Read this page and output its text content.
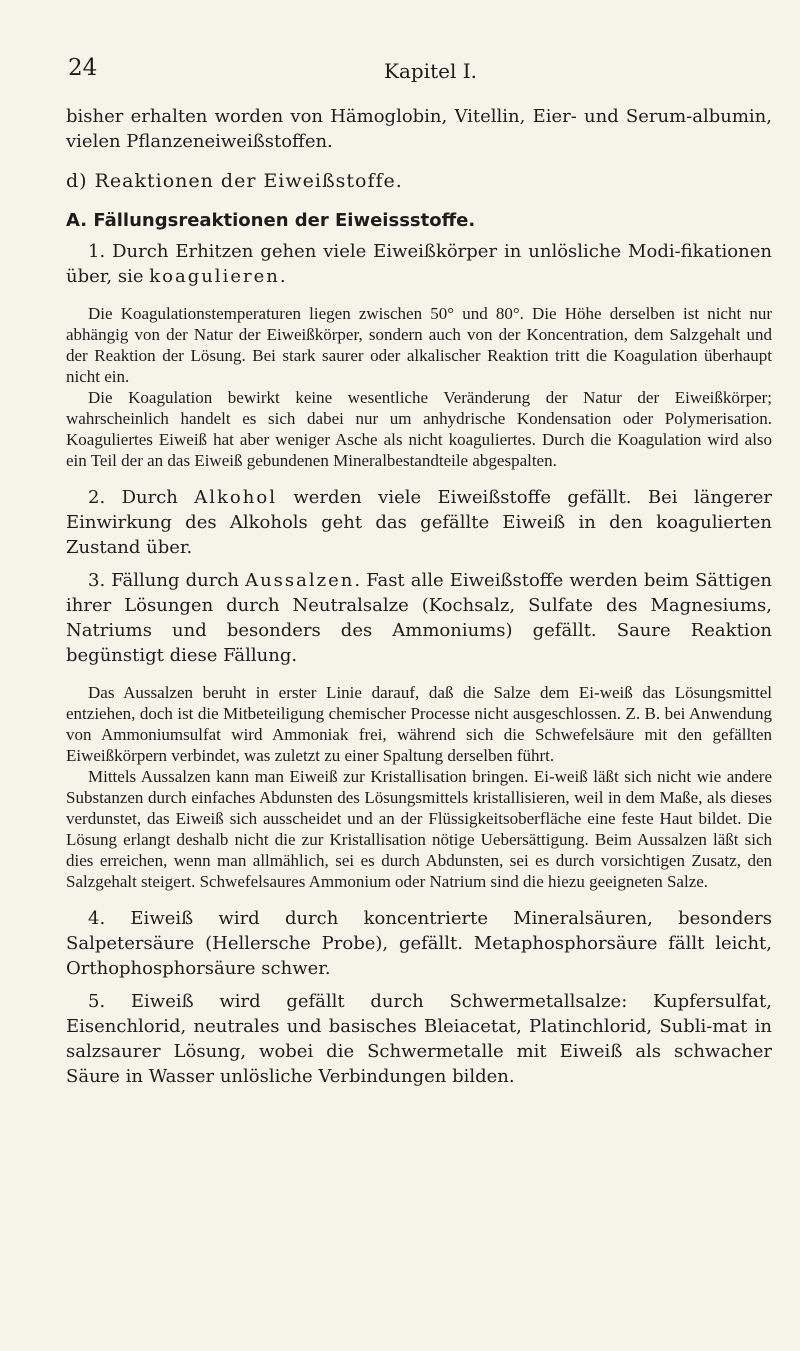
24	Kapitel I.

bisher erhalten worden von Hämoglobin, Vitellin, Eier- und Serum-albumin, vielen Pflanzeneiweißstoffen.

d) Reaktionen der Eiweißstoffe.

A. Fällungsreaktionen der Eiweissstoffe.

1. Durch Erhitzen gehen viele Eiweißkörper in unlösliche Modi-fikationen über, sie koagulieren.

Die Koagulationstemperaturen liegen zwischen 50° und 80°. Die Höhe derselben ist nicht nur abhängig von der Natur der Eiweißkörper, sondern auch von der Koncentration, dem Salzgehalt und der Reaktion der Lösung. Bei stark saurer oder alkalischer Reaktion tritt die Koagulation überhaupt nicht ein.

Die Koagulation bewirkt keine wesentliche Veränderung der Natur der Eiweißkörper; wahrscheinlich handelt es sich dabei nur um anhydrische Kondensation oder Polymerisation. Koaguliertes Eiweiß hat aber weniger Asche als nicht koaguliertes. Durch die Koagulation wird also ein Teil der an das Eiweiß gebundenen Mineralbestandteile abgespalten.

2. Durch Alkohol werden viele Eiweißstoffe gefällt. Bei längerer Einwirkung des Alkohols geht das gefällte Eiweiß in den koagulierten Zustand über.

3. Fällung durch Aussalzen. Fast alle Eiweißstoffe werden beim Sättigen ihrer Lösungen durch Neutralsalze (Kochsalz, Sulfate des Magnesiums, Natriums und besonders des Ammoniums) gefällt. Saure Reaktion begünstigt diese Fällung.

Das Aussalzen beruht in erster Linie darauf, daß die Salze dem Ei-weiß das Lösungsmittel entziehen, doch ist die Mitbeteiligung chemischer Processe nicht ausgeschlossen. Z. B. bei Anwendung von Ammoniumsulfat wird Ammoniak frei, während sich die Schwefelsäure mit den gefällten Eiweißkörpern verbindet, was zuletzt zu einer Spaltung derselben führt.

Mittels Aussalzen kann man Eiweiß zur Kristallisation bringen. Ei-weiß läßt sich nicht wie andere Substanzen durch einfaches Abdunsten des Lösungsmittels kristallisieren, weil in dem Maße, als dieses verdunstet, das Eiweiß sich ausscheidet und an der Flüssigkeitsoberfläche eine feste Haut bildet. Die Lösung erlangt deshalb nicht die zur Kristallisation nötige Uebersättigung. Beim Aussalzen läßt sich dies erreichen, wenn man allmählich, sei es durch Abdunsten, sei es durch vorsichtigen Zusatz, den Salzgehalt steigert. Schwefelsaures Ammonium oder Natrium sind die hiezu geeigneten Salze.

4. Eiweiß wird durch koncentrierte Mineralsäuren, besonders Salpetersäure (Hellersche Probe), gefällt. Metaphosphorsäure fällt leicht, Orthophosphorsäure schwer.

5. Eiweiß wird gefällt durch Schwermetallsalze: Kupfersulfat, Eisenchlorid, neutrales und basisches Bleiacetat, Platinchlorid, Subli-mat in salzsaurer Lösung, wobei die Schwermetalle mit Eiweiß als schwacher Säure in Wasser unlösliche Verbindungen bilden.
